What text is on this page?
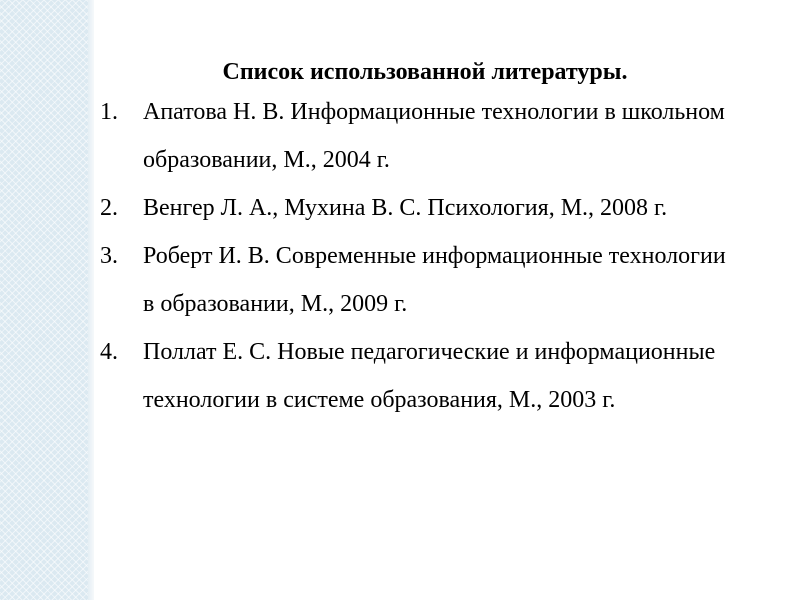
Список использованной литературы.
1. Апатова Н. В. Информационные технологии в школьном образовании, М., 2004 г.
2. Венгер Л. А., Мухина В. С. Психология, М., 2008 г.
3. Роберт И. В. Современные информационные технологии в образовании, М., 2009 г.
4. Поллат Е. С. Новые педагогические и информационные технологии в системе образования, М., 2003 г.
